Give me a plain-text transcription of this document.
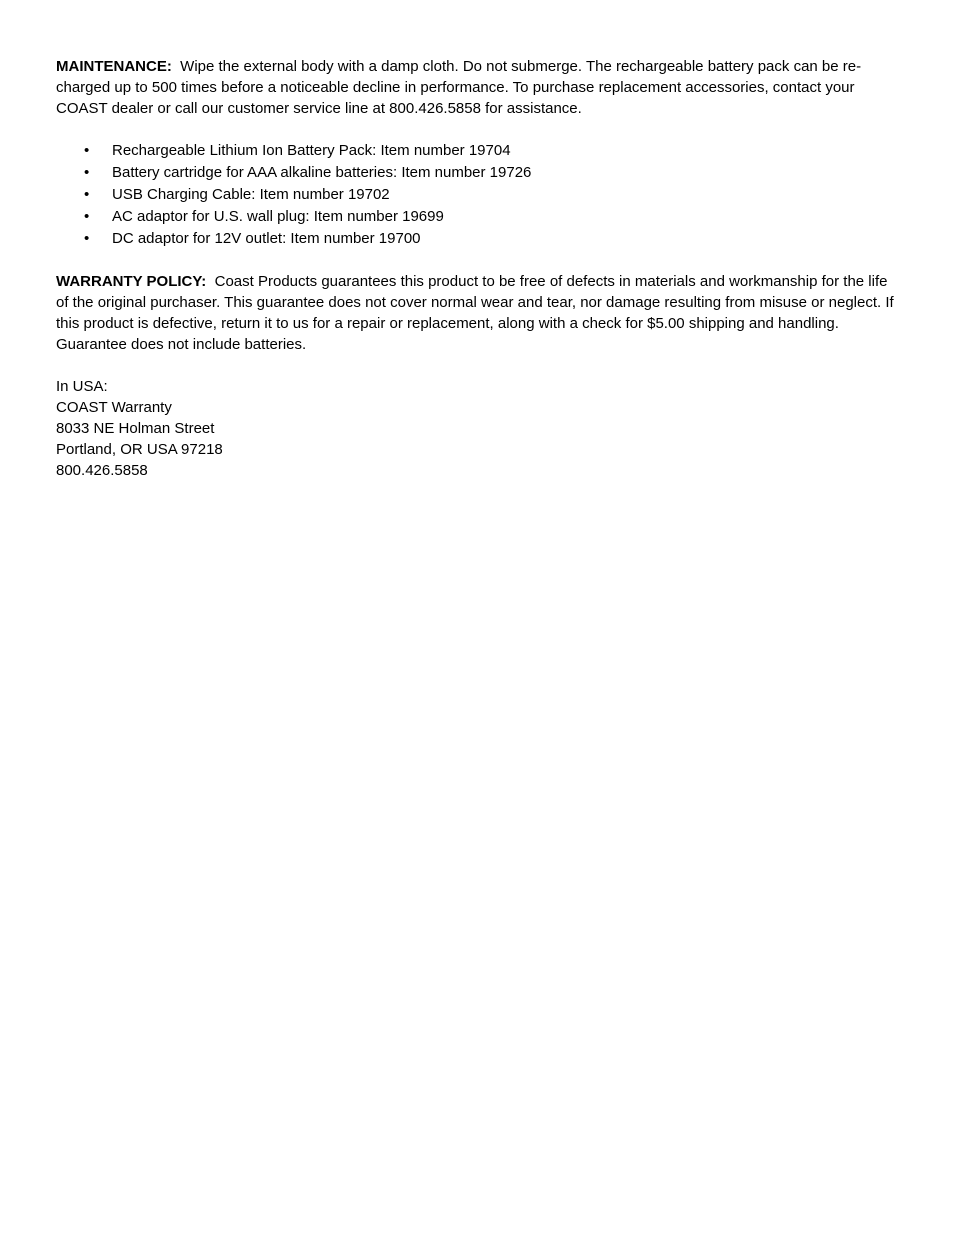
MAINTENANCE: Wipe the external body with a damp cloth. Do not submerge. The rechargeable battery pack can be re-charged up to 500 times before a noticeable decline in performance. To purchase replacement accessories, contact your COAST dealer or call our customer service line at 800.426.5858 for assistance.

• Rechargeable Lithium Ion Battery Pack: Item number 19704
• Battery cartridge for AAA alkaline batteries: Item number 19726
• USB Charging Cable: Item number 19702
• AC adaptor for U.S. wall plug: Item number 19699
• DC adaptor for 12V outlet: Item number 19700

WARRANTY POLICY: Coast Products guarantees this product to be free of defects in materials and workmanship for the life of the original purchaser. This guarantee does not cover normal wear and tear, nor damage resulting from misuse or neglect. If this product is defective, return it to us for a repair or replacement, along with a check for $5.00 shipping and handling. Guarantee does not include batteries.

In USA:

COAST Warranty

8033 NE Holman Street

Portland, OR USA 97218

800.426.5858
